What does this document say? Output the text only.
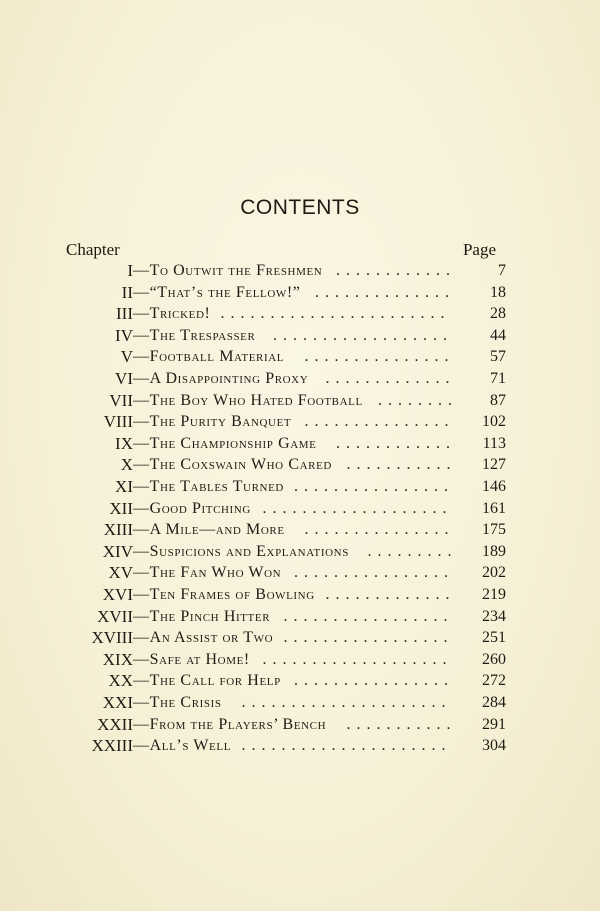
CONTENTS
Chapter	Page
I —To Outwit the Freshmen ............	7
II —“That’s the Fellow!” ..............	18
III —Tricked! .......................	28
IV —The Trespasser ..................	44
V —Football Material ...............	57
VI —A Disappointing Proxy .............	71
VII —The Boy Who Hated Football ........ 87
VIII —The Purity Banquet ...............	102
IX —The Championship Game ............	113
X —The Coxswain Who Cared ...........	127
XI —The Tables Turned ................	146
XII —Good Pitching ...................	161
XIII —A Mile—and More ...............	175
XIV —Suspicions and Explanations ......... 189
XV —The Fan Who Won ................	202
XVI —Ten Frames of Bowling .............	219
XVII —The Pinch Hitter .................	234
XVIII —An Assist or Two .................	251
XIX —Safe at Home! ...................	260
XX —The Call for Help ................	272
XXI —The Crisis .....................	284
XXII —From the Players’ Bench ...........	291
XXIII —All’s Well .....................	304
